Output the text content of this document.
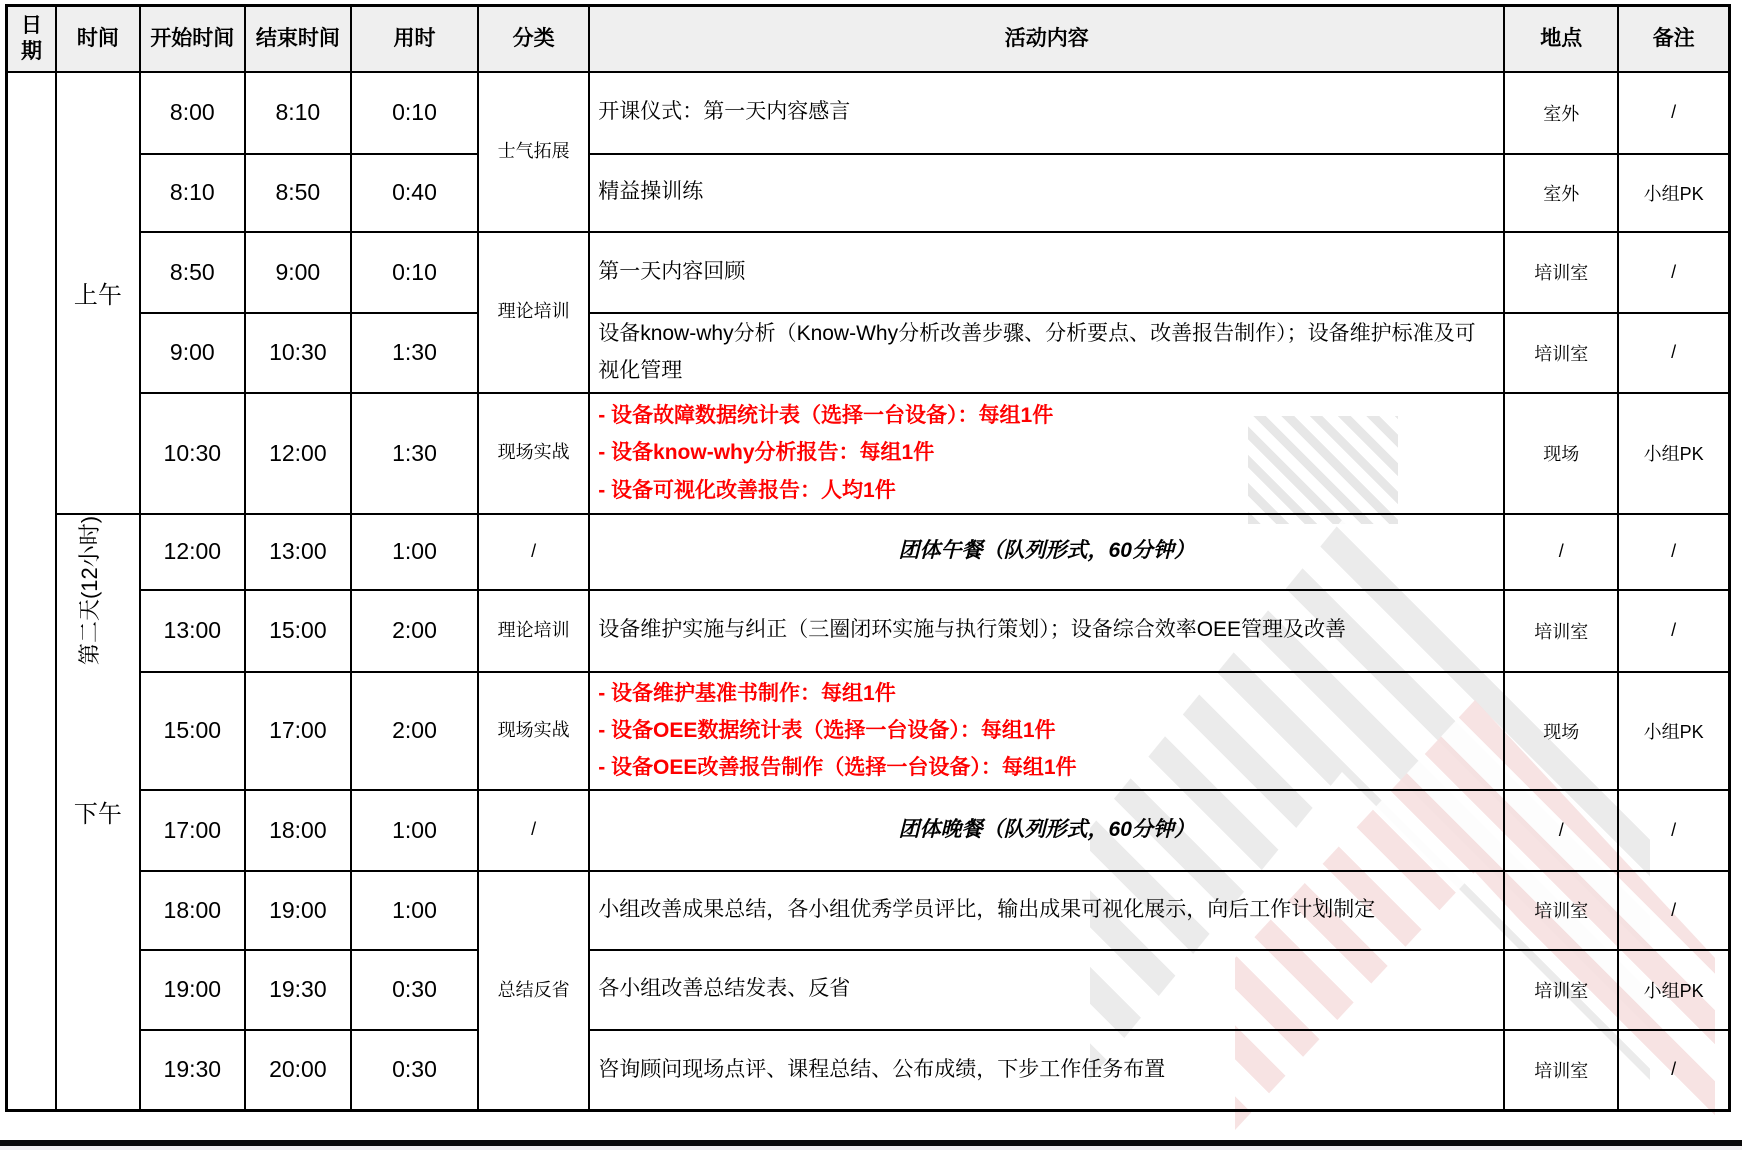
日期	时间	开始时间	结束时间	用时	分类	活动内容	地点	备注
第二天(12小时)	上午	8:00	8:10	0:10	士气拓展	开课仪式：第一天内容感言	室外	/
		8:10	8:50	0:40		精益操训练	室外	小组PK
		8:50	9:00	0:10	理论培训	第一天内容回顾	培训室	/
		9:00	10:30	1:30		设备know-why分析（Know-Why分析改善步骤、分析要点、改善报告制作）；设备维护标准及可视化管理	培训室	/
		10:30	12:00	1:30	现场实战	- 设备故障数据统计表（选择一台设备）：每组1件
- 设备know-why分析报告：每组1件
- 设备可视化改善报告：人均1件	现场	小组PK
	下午	12:00	13:00	1:00	/	团体午餐（队列形式，60分钟）	/	/
		13:00	15:00	2:00	理论培训	设备维护实施与纠正（三圈闭环实施与执行策划）；设备综合效率OEE管理及改善	培训室	/
		15:00	17:00	2:00	现场实战	- 设备维护基准书制作：每组1件
- 设备OEE数据统计表（选择一台设备）：每组1件
- 设备OEE改善报告制作（选择一台设备）：每组1件	现场	小组PK
		17:00	18:00	1:00	/	团体晚餐（队列形式，60分钟）	/	/
		18:00	19:00	1:00	总结反省	小组改善成果总结，各小组优秀学员评比，输出成果可视化展示，向后工作计划制定	培训室	/
		19:00	19:30	0:30		各小组改善总结发表、反省	培训室	小组PK
		19:30	20:00	0:30		咨询顾问现场点评、课程总结、公布成绩，下步工作任务布置	培训室	/
